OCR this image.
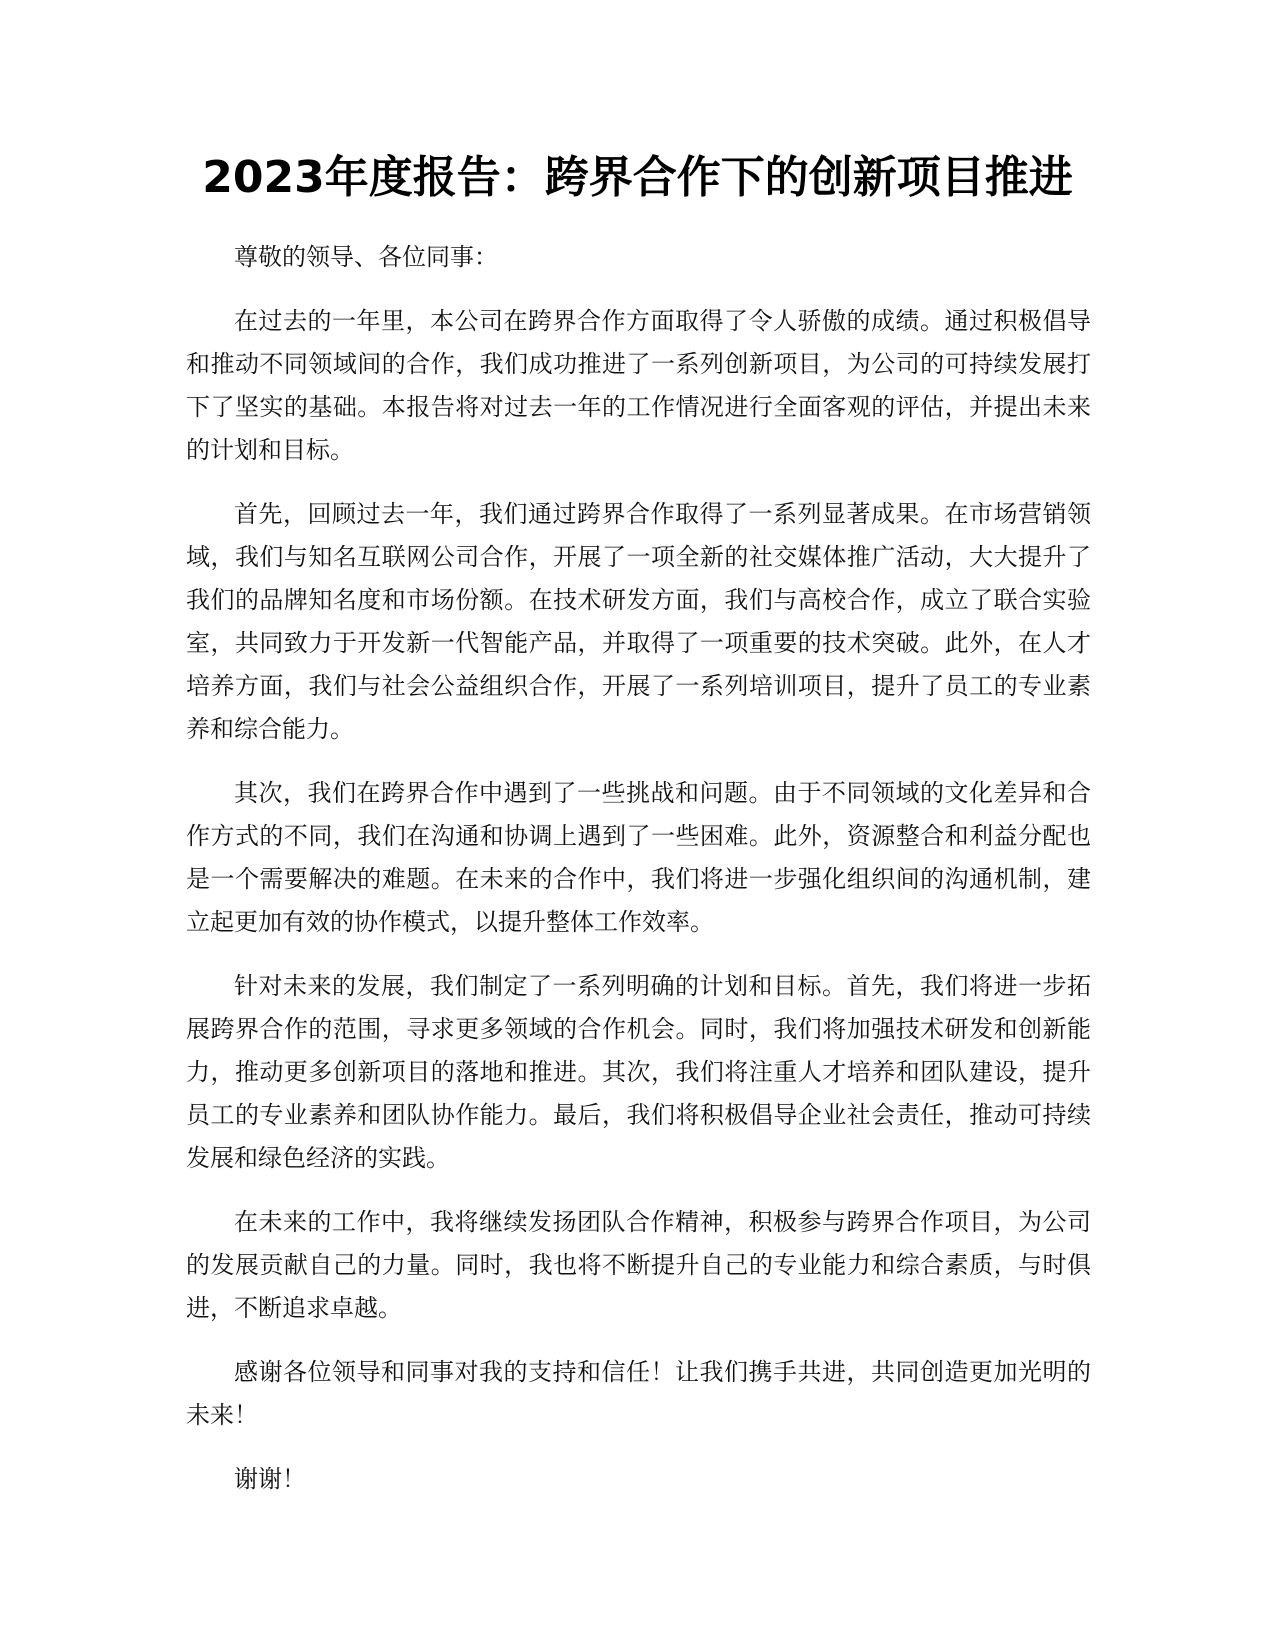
2023年度报告：跨界合作下的创新项目推进

尊敬的领导、各位同事：

在过去的一年里，本公司在跨界合作方面取得了令人骄傲的成绩。通过积极倡导和推动不同领域间的合作，我们成功推进了一系列创新项目，为公司的可持续发展打下了坚实的基础。本报告将对过去一年的工作情况进行全面客观的评估，并提出未来的计划和目标。

首先，回顾过去一年，我们通过跨界合作取得了一系列显著成果。在市场营销领域，我们与知名互联网公司合作，开展了一项全新的社交媒体推广活动，大大提升了我们的品牌知名度和市场份额。在技术研发方面，我们与高校合作，成立了联合实验室，共同致力于开发新一代智能产品，并取得了一项重要的技术突破。此外，在人才培养方面，我们与社会公益组织合作，开展了一系列培训项目，提升了员工的专业素养和综合能力。

其次，我们在跨界合作中遇到了一些挑战和问题。由于不同领域的文化差异和合作方式的不同，我们在沟通和协调上遇到了一些困难。此外，资源整合和利益分配也是一个需要解决的难题。在未来的合作中，我们将进一步强化组织间的沟通机制，建立起更加有效的协作模式，以提升整体工作效率。

针对未来的发展，我们制定了一系列明确的计划和目标。首先，我们将进一步拓展跨界合作的范围，寻求更多领域的合作机会。同时，我们将加强技术研发和创新能力，推动更多创新项目的落地和推进。其次，我们将注重人才培养和团队建设，提升员工的专业素养和团队协作能力。最后，我们将积极倡导企业社会责任，推动可持续发展和绿色经济的实践。

在未来的工作中，我将继续发扬团队合作精神，积极参与跨界合作项目，为公司的发展贡献自己的力量。同时，我也将不断提升自己的专业能力和综合素质，与时俱进，不断追求卓越。

感谢各位领导和同事对我的支持和信任！让我们携手共进，共同创造更加光明的未来！

谢谢！
